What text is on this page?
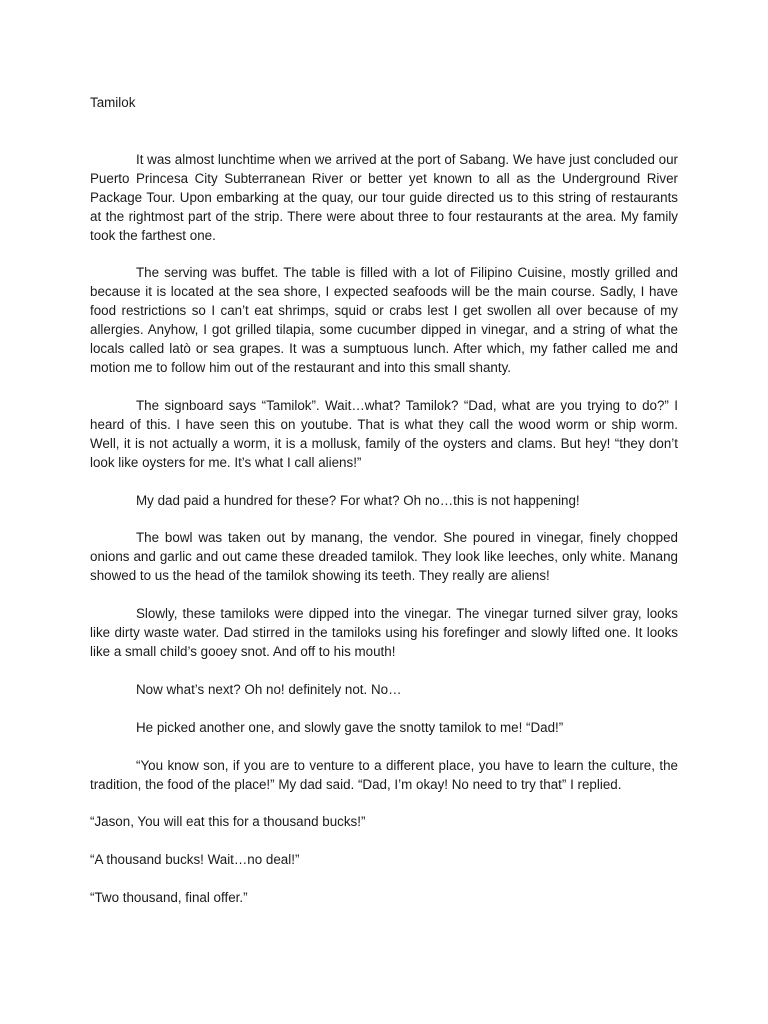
Tamilok

It was almost lunchtime when we arrived at the port of Sabang. We have just concluded our Puerto Princesa City Subterranean River or better yet known to all as the Underground River Package Tour. Upon embarking at the quay, our tour guide directed us to this string of restaurants at the rightmost part of the strip. There were about three to four restaurants at the area. My family took the farthest one.

The serving was buffet. The table is filled with a lot of Filipino Cuisine, mostly grilled and because it is located at the sea shore, I expected seafoods will be the main course. Sadly, I have food restrictions so I can’t eat shrimps, squid or crabs lest I get swollen all over because of my allergies. Anyhow, I got grilled tilapia, some cucumber dipped in vinegar, and a string of what the locals called latò or sea grapes. It was a sumptuous lunch. After which, my father called me and motion me to follow him out of the restaurant and into this small shanty.

The signboard says “Tamilok”. Wait…what? Tamilok? “Dad, what are you trying to do?” I heard of this. I have seen this on youtube. That is what they call the wood worm or ship worm. Well, it is not actually a worm, it is a mollusk, family of the oysters and clams. But hey! “they don’t look like oysters for me. It’s what I call aliens!”

My dad paid a hundred for these? For what? Oh no…this is not happening!

The bowl was taken out by manang, the vendor. She poured in vinegar, finely chopped onions and garlic and out came these dreaded tamilok. They look like leeches, only white. Manang showed to us the head of the tamilok showing its teeth. They really are aliens!

Slowly, these tamiloks were dipped into the vinegar. The vinegar turned silver gray, looks like dirty waste water. Dad stirred in the tamiloks using his forefinger and slowly lifted one. It looks like a small child’s gooey snot. And off to his mouth!

Now what’s next? Oh no! definitely not. No…

He picked another one, and slowly gave the snotty tamilok to me! “Dad!”

“You know son, if you are to venture to a different place, you have to learn the culture, the tradition, the food of the place!” My dad said. “Dad, I’m okay! No need to try that” I replied.

“Jason, You will eat this for a thousand bucks!”

“A thousand bucks! Wait…no deal!”

“Two thousand, final offer.”
